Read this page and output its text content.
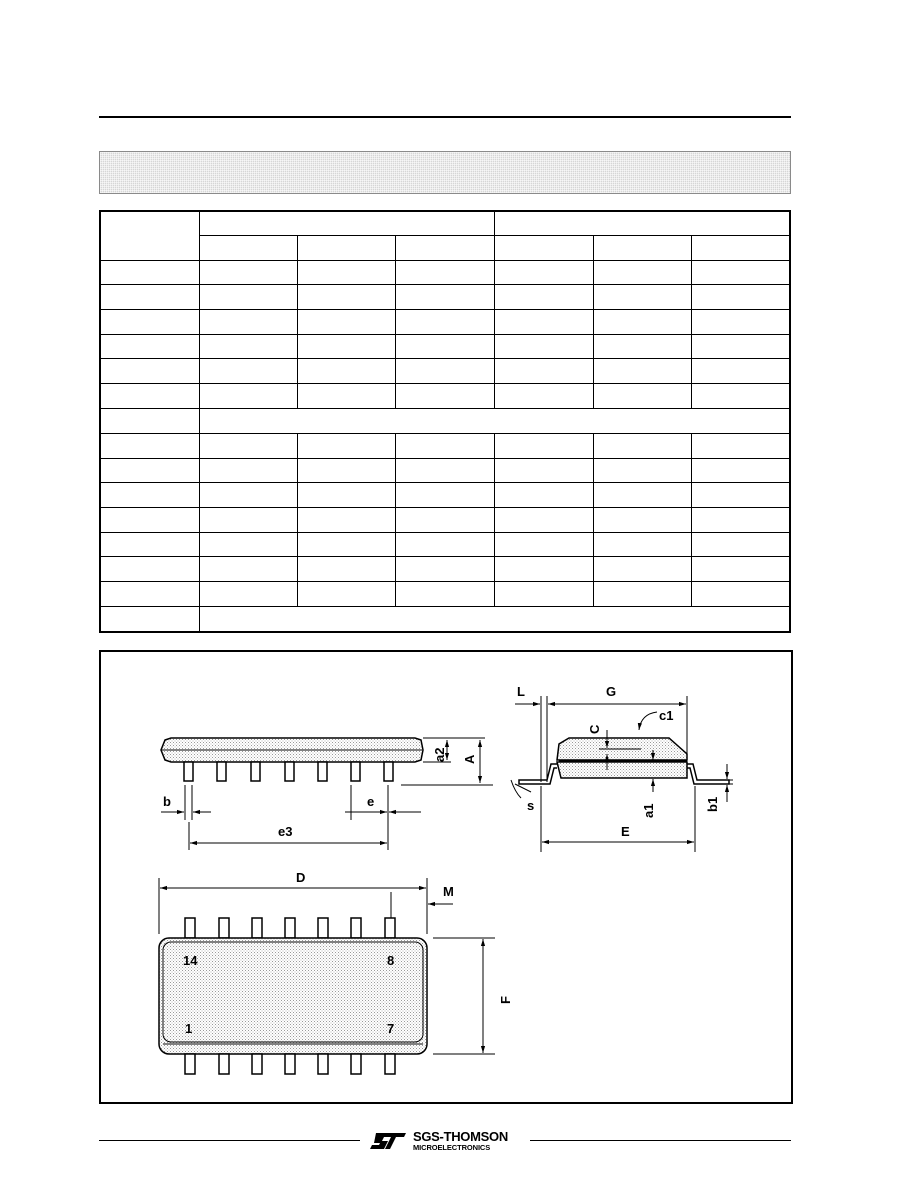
a2 A
b	e
e3
L	G
C
c1
a1	b1
s
E
D
M
14	8
1	7
F
SGS-THOMSON
MICROELECTRONICS
